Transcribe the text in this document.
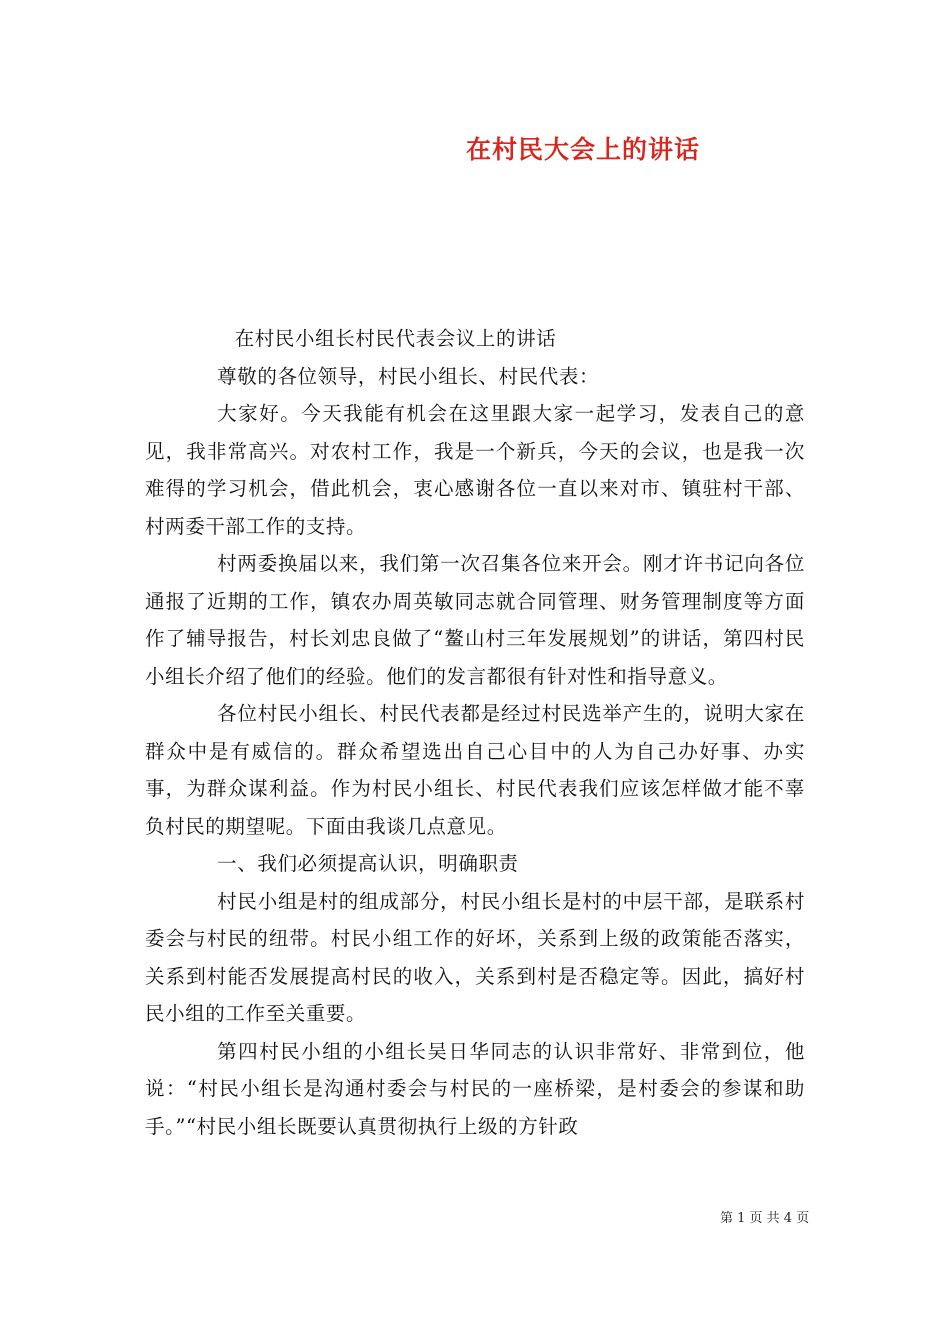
在村民大会上的讲话

在村民小组长村民代表会议上的讲话

尊敬的各位领导，村民小组长、村民代表：

大家好。今天我能有机会在这里跟大家一起学习，发表自己的意见，我非常高兴。对农村工作，我是一个新兵，今天的会议，也是我一次难得的学习机会，借此机会，衷心感谢各位一直以来对市、镇驻村干部、村两委干部工作的支持。

村两委换届以来，我们第一次召集各位来开会。刚才许书记向各位通报了近期的工作，镇农办周英敏同志就合同管理、财务管理制度等方面作了辅导报告，村长刘忠良做了“鳌山村三年发展规划”的讲话，第四村民小组长介绍了他们的经验。他们的发言都很有针对性和指导意义。

各位村民小组长、村民代表都是经过村民选举产生的，说明大家在群众中是有威信的。群众希望选出自己心目中的人为自己办好事、办实事，为群众谋利益。作为村民小组长、村民代表我们应该怎样做才能不辜负村民的期望呢。下面由我谈几点意见。

一、我们必须提高认识，明确职责

村民小组是村的组成部分，村民小组长是村的中层干部，是联系村委会与村民的纽带。村民小组工作的好坏，关系到上级的政策能否落实，关系到村能否发展提高村民的收入，关系到村是否稳定等。因此，搞好村民小组的工作至关重要。

第四村民小组的小组长吴日华同志的认识非常好、非常到位，他说：“村民小组长是沟通村委会与村民的一座桥梁，是村委会的参谋和助手。”“村民小组长既要认真贯彻执行上级的方针政

第 1 页 共 4 页
